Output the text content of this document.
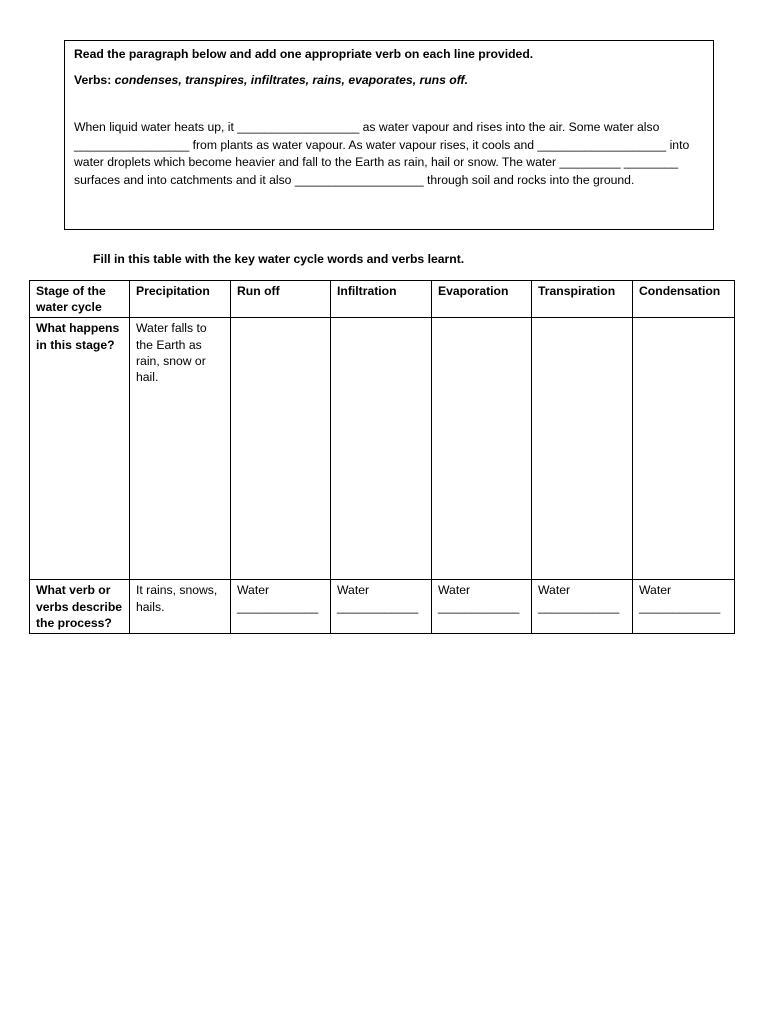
Read the paragraph below and add one appropriate verb on each line provided.

Verbs: condenses, transpires, infiltrates, rains, evaporates, runs off.

When liquid water heats up, it __________________ as water vapour and rises into the air. Some water also _________________ from plants as water vapour. As water vapour rises, it cools and ___________________ into water droplets which become heavier and fall to the Earth as rain, hail or snow. The water _________ ________ surfaces and into catchments and it also ___________________ through soil and rocks into the ground.

Fill in this table with the key water cycle words and verbs learnt.
Stage of the water cycle	Precipitation	Run off	Infiltration	Evaporation	Transpiration	Condensation
What happens in this stage?	Water falls to the Earth as rain, snow or hail.					
What verb or verbs describe the process?	It rains, snows, hails.	Water ____________	Water ____________	Water ____________	Water ____________	Water ____________
